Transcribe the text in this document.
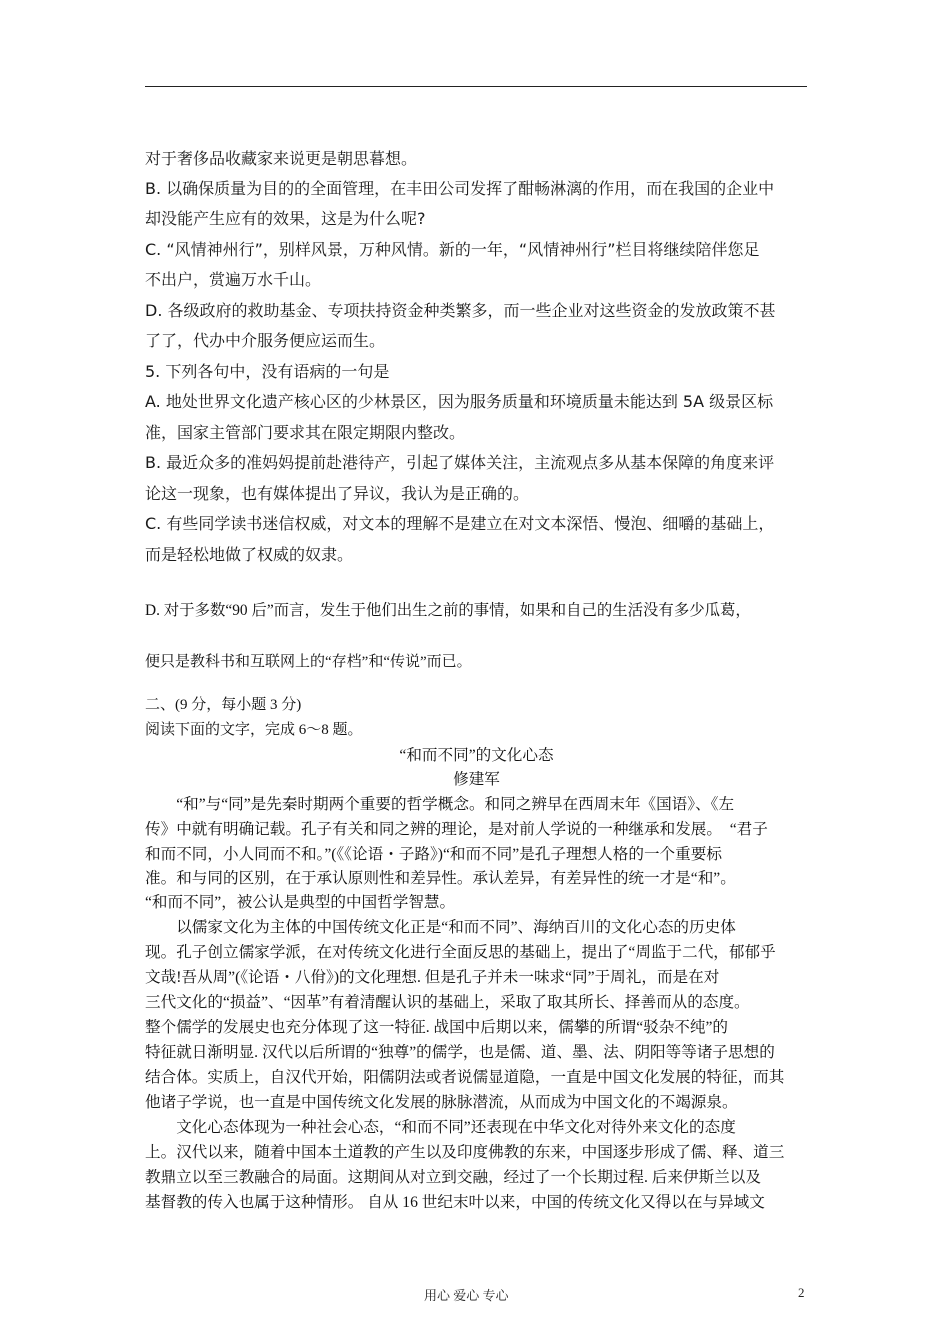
对于奢侈品收藏家来说更是朝思暮想。
B. 以确保质量为目的的全面管理，在丰田公司发挥了酣畅淋漓的作用，而在我国的企业中
却没能产生应有的效果，这是为什么呢?
C. “风情神州行”，别样风景，万种风情。新的一年，“风情神州行”栏目将继续陪伴您足
不出户，赏遍万水千山。
D. 各级政府的救助基金、专项扶持资金种类繁多，而一些企业对这些资金的发放政策不甚
了了，代办中介服务便应运而生。
5. 下列各句中，没有语病的一句是
A. 地处世界文化遗产核心区的少林景区，因为服务质量和环境质量未能达到 5A 级景区标
准，国家主管部门要求其在限定期限内整改。
B. 最近众多的准妈妈提前赴港待产，引起了媒体关注，主流观点多从基本保障的角度来评
论这一现象，也有媒体提出了异议，我认为是正确的。
C. 有些同学读书迷信权威，对文本的理解不是建立在对文本深悟、慢泡、细嚼的基础上，
而是轻松地做了权威的奴隶。
D. 对于多数“90 后”而言，发生于他们出生之前的事情，如果和自己的生活没有多少瓜葛，
便只是教科书和互联网上的“存档”和“传说”而已。
二、(9 分，每小题 3 分)
阅读下面的文字，完成 6～8 题。
“和而不同”的文化心态
修建军
　　“和”与“同”是先秦时期两个重要的哲学概念。和同之辨早在西周末年《国语》、《左
传》中就有明确记载。孔子有关和同之辨的理论，是对前人学说的一种继承和发展。　“君子
和而不同，小人同而不和。”(《《论语・子路》)“和而不同”是孔子理想人格的一个重要标
准。和与同的区别，在于承认原则性和差异性。承认差异，有差异性的统一才是“和”。
“和而不同”，被公认是典型的中国哲学智慧。
　　以儒家文化为主体的中国传统文化正是“和而不同”、海纳百川的文化心态的历史体
现。孔子创立儒家学派，在对传统文化进行全面反思的基础上，提出了“周监于二代，郁郁乎
文哉!吾从周”(《论语・八佾》)的文化理想. 但是孔子并未一味求“同”于周礼，而是在对
三代文化的“损益”、“因革”有着清醒认识的基础上，采取了取其所长、择善而从的态度。
整个儒学的发展史也充分体现了这一特征. 战国中后期以来，儒攀的所谓“驳杂不纯”的
特征就日渐明显. 汉代以后所谓的“独尊”的儒学，也是儒、道、墨、法、阴阳等等诸子思想的
结合体。实质上，自汉代开始，阳儒阴法或者说儒显道隐，一直是中国文化发展的特征，而其
他诸子学说，也一直是中国传统文化发展的脉脉潜流，从而成为中国文化的不竭源泉。
　　文化心态体现为一种社会心态，“和而不同”还表现在中华文化对待外来文化的态度
上。汉代以来，随着中国本土道教的产生以及印度佛教的东来，中国逐步形成了儒、释、道三
教鼎立以至三教融合的局面。这期间从对立到交融，经过了一个长期过程. 后来伊斯兰以及
基督教的传入也属于这种情形。 自从 16 世纪末叶以来，中国的传统文化又得以在与异域文
用心 爱心 专心	2
